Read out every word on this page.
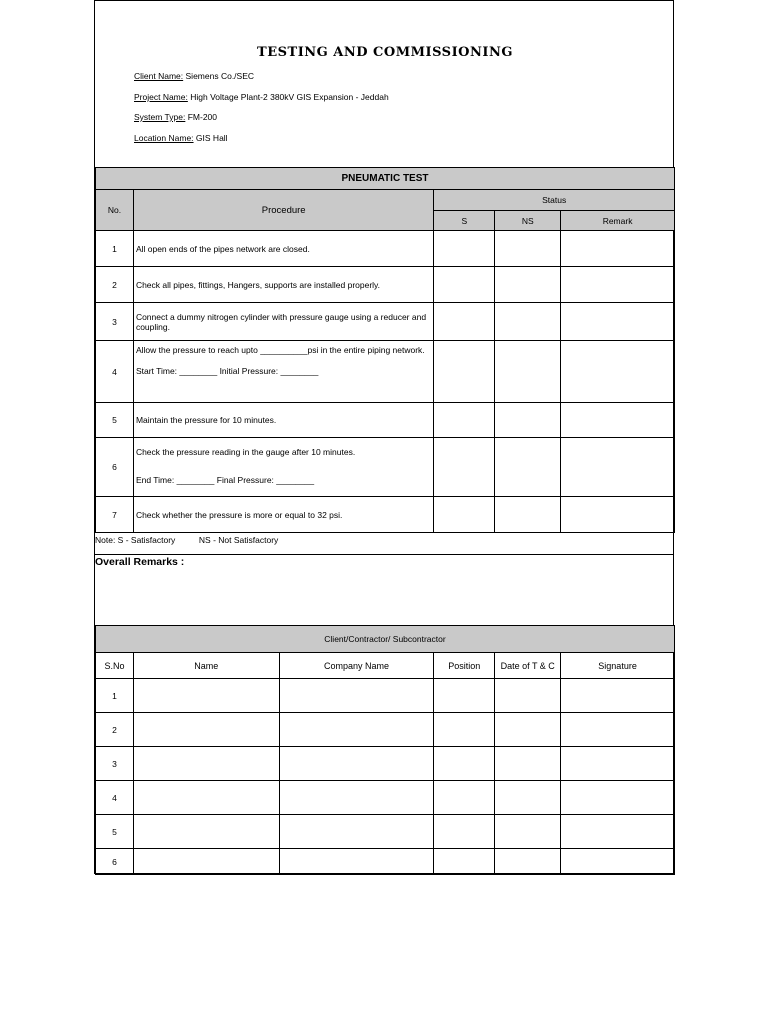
TESTING AND COMMISSIONING
Client Name: Siemens Co./SEC
Project Name: High Voltage Plant-2 380kV GIS Expansion - Jeddah
System Type: FM-200
Location Name: GIS Hall
PNEUMATIC TEST				
No.	Procedure	Status		
		S	NS	Remark
1	All open ends of the pipes network are closed.			
2	Check all pipes, fittings, Hangers, supports are installed properly.			
3	Connect a dummy nitrogen cylinder with pressure gauge using a reducer and coupling.			
4	Allow the pressure to reach upto __________psi in the entire piping network.
Start Time: ________ Initial Pressure: ________			

5	Maintain the pressure for 10 minutes.			
6	Check the pressure reading in the gauge after 10 minutes.
End Time: ________ Final Pressure: ________			

7	Check whether the pressure is more or equal to 32 psi.			
Note: S - Satisfactory          NS - Not Satisfactory
Overall Remarks :
Client/Contractor/ Subcontractor					
S.No	Name	Company Name	Position	Date of T & C	Signature
1					
2					
3					
4					
5					
6					
